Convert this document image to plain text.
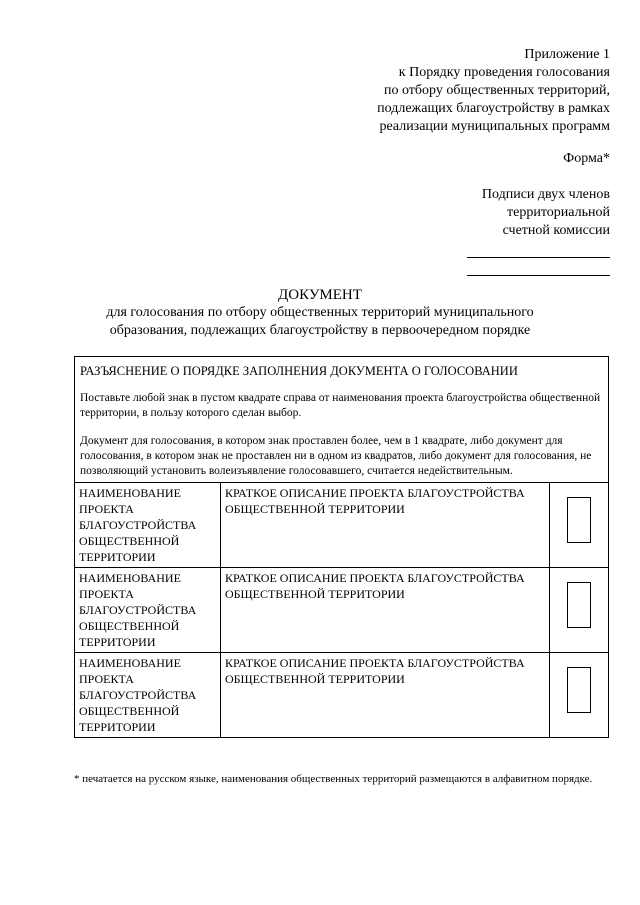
Приложение 1
к Порядку проведения голосования
по отбору общественных территорий,
подлежащих благоустройству в рамках
реализации муниципальных программ
Форма*
Подписи двух членов
территориальной
счетной комиссии
ДОКУМЕНТ
для голосования по отбору общественных территорий муниципального
образования, подлежащих благоустройству в первоочередном порядке
РАЗЪЯСНЕНИЕ О ПОРЯДКЕ ЗАПОЛНЕНИЯ ДОКУМЕНТА О ГОЛОСОВАНИИ
Поставьте любой знак в пустом квадрате справа от наименования проекта благоустройства общественной территории, в пользу которого сделан выбор.
Документ для голосования, в котором знак проставлен более, чем в 1 квадрате, либо документ для голосования, в котором знак не проставлен ни в одном из квадратов, либо документ для голосования, не позволяющий установить волеизъявление голосовавшего, считается недействительным.		

НАИМЕНОВАНИЕ ПРОЕКТА БЛАГОУСТРОЙСТВА ОБЩЕСТВЕННОЙ ТЕРРИТОРИИ	КРАТКОЕ ОПИСАНИЕ ПРОЕКТА БЛАГОУСТРОЙСТВА ОБЩЕСТВЕННОЙ ТЕРРИТОРИИ	

НАИМЕНОВАНИЕ ПРОЕКТА БЛАГОУСТРОЙСТВА ОБЩЕСТВЕННОЙ ТЕРРИТОРИИ	КРАТКОЕ ОПИСАНИЕ ПРОЕКТА БЛАГОУСТРОЙСТВА ОБЩЕСТВЕННОЙ ТЕРРИТОРИИ	

НАИМЕНОВАНИЕ ПРОЕКТА БЛАГОУСТРОЙСТВА ОБЩЕСТВЕННОЙ ТЕРРИТОРИИ	КРАТКОЕ ОПИСАНИЕ ПРОЕКТА БЛАГОУСТРОЙСТВА ОБЩЕСТВЕННОЙ ТЕРРИТОРИИ	
* печатается на русском языке, наименования общественных территорий размещаются в алфавитном порядке.
